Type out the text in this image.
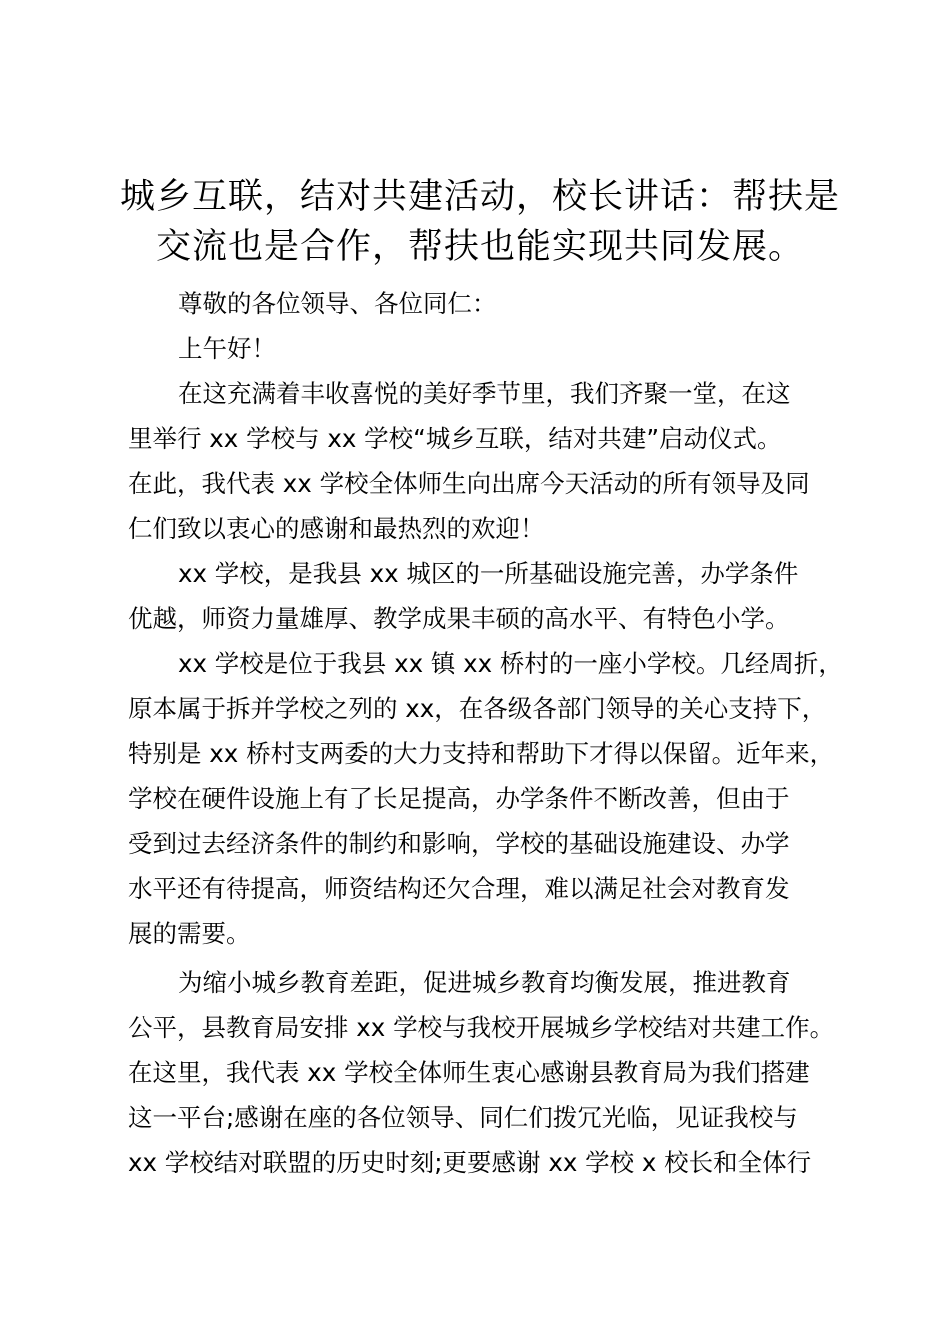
城乡互联，结对共建活动，校长讲话：帮扶是
交流也是合作，帮扶也能实现共同发展。

尊敬的各位领导、各位同仁：

上午好！

在这充满着丰收喜悦的美好季节里，我们齐聚一堂，在这
里举行 xx 学校与 xx 学校“城乡互联，结对共建”启动仪式。
在此，我代表 xx 学校全体师生向出席今天活动的所有领导及同
仁们致以衷心的感谢和最热烈的欢迎！

xx 学校，是我县 xx 城区的一所基础设施完善，办学条件
优越，师资力量雄厚、教学成果丰硕的高水平、有特色小学。

xx 学校是位于我县 xx 镇 xx 桥村的一座小学校。几经周折，
原本属于拆并学校之列的 xx，在各级各部门领导的关心支持下，
特别是 xx 桥村支两委的大力支持和帮助下才得以保留。近年来，
学校在硬件设施上有了长足提高，办学条件不断改善，但由于
受到过去经济条件的制约和影响，学校的基础设施建设、办学
水平还有待提高，师资结构还欠合理，难以满足社会对教育发
展的需要。

为缩小城乡教育差距，促进城乡教育均衡发展，推进教育
公平，县教育局安排 xx 学校与我校开展城乡学校结对共建工作。
在这里，我代表 xx 学校全体师生衷心感谢县教育局为我们搭建
这一平台;感谢在座的各位领导、同仁们拨冗光临，见证我校与
xx 学校结对联盟的历史时刻;更要感谢 xx 学校 x 校长和全体行
